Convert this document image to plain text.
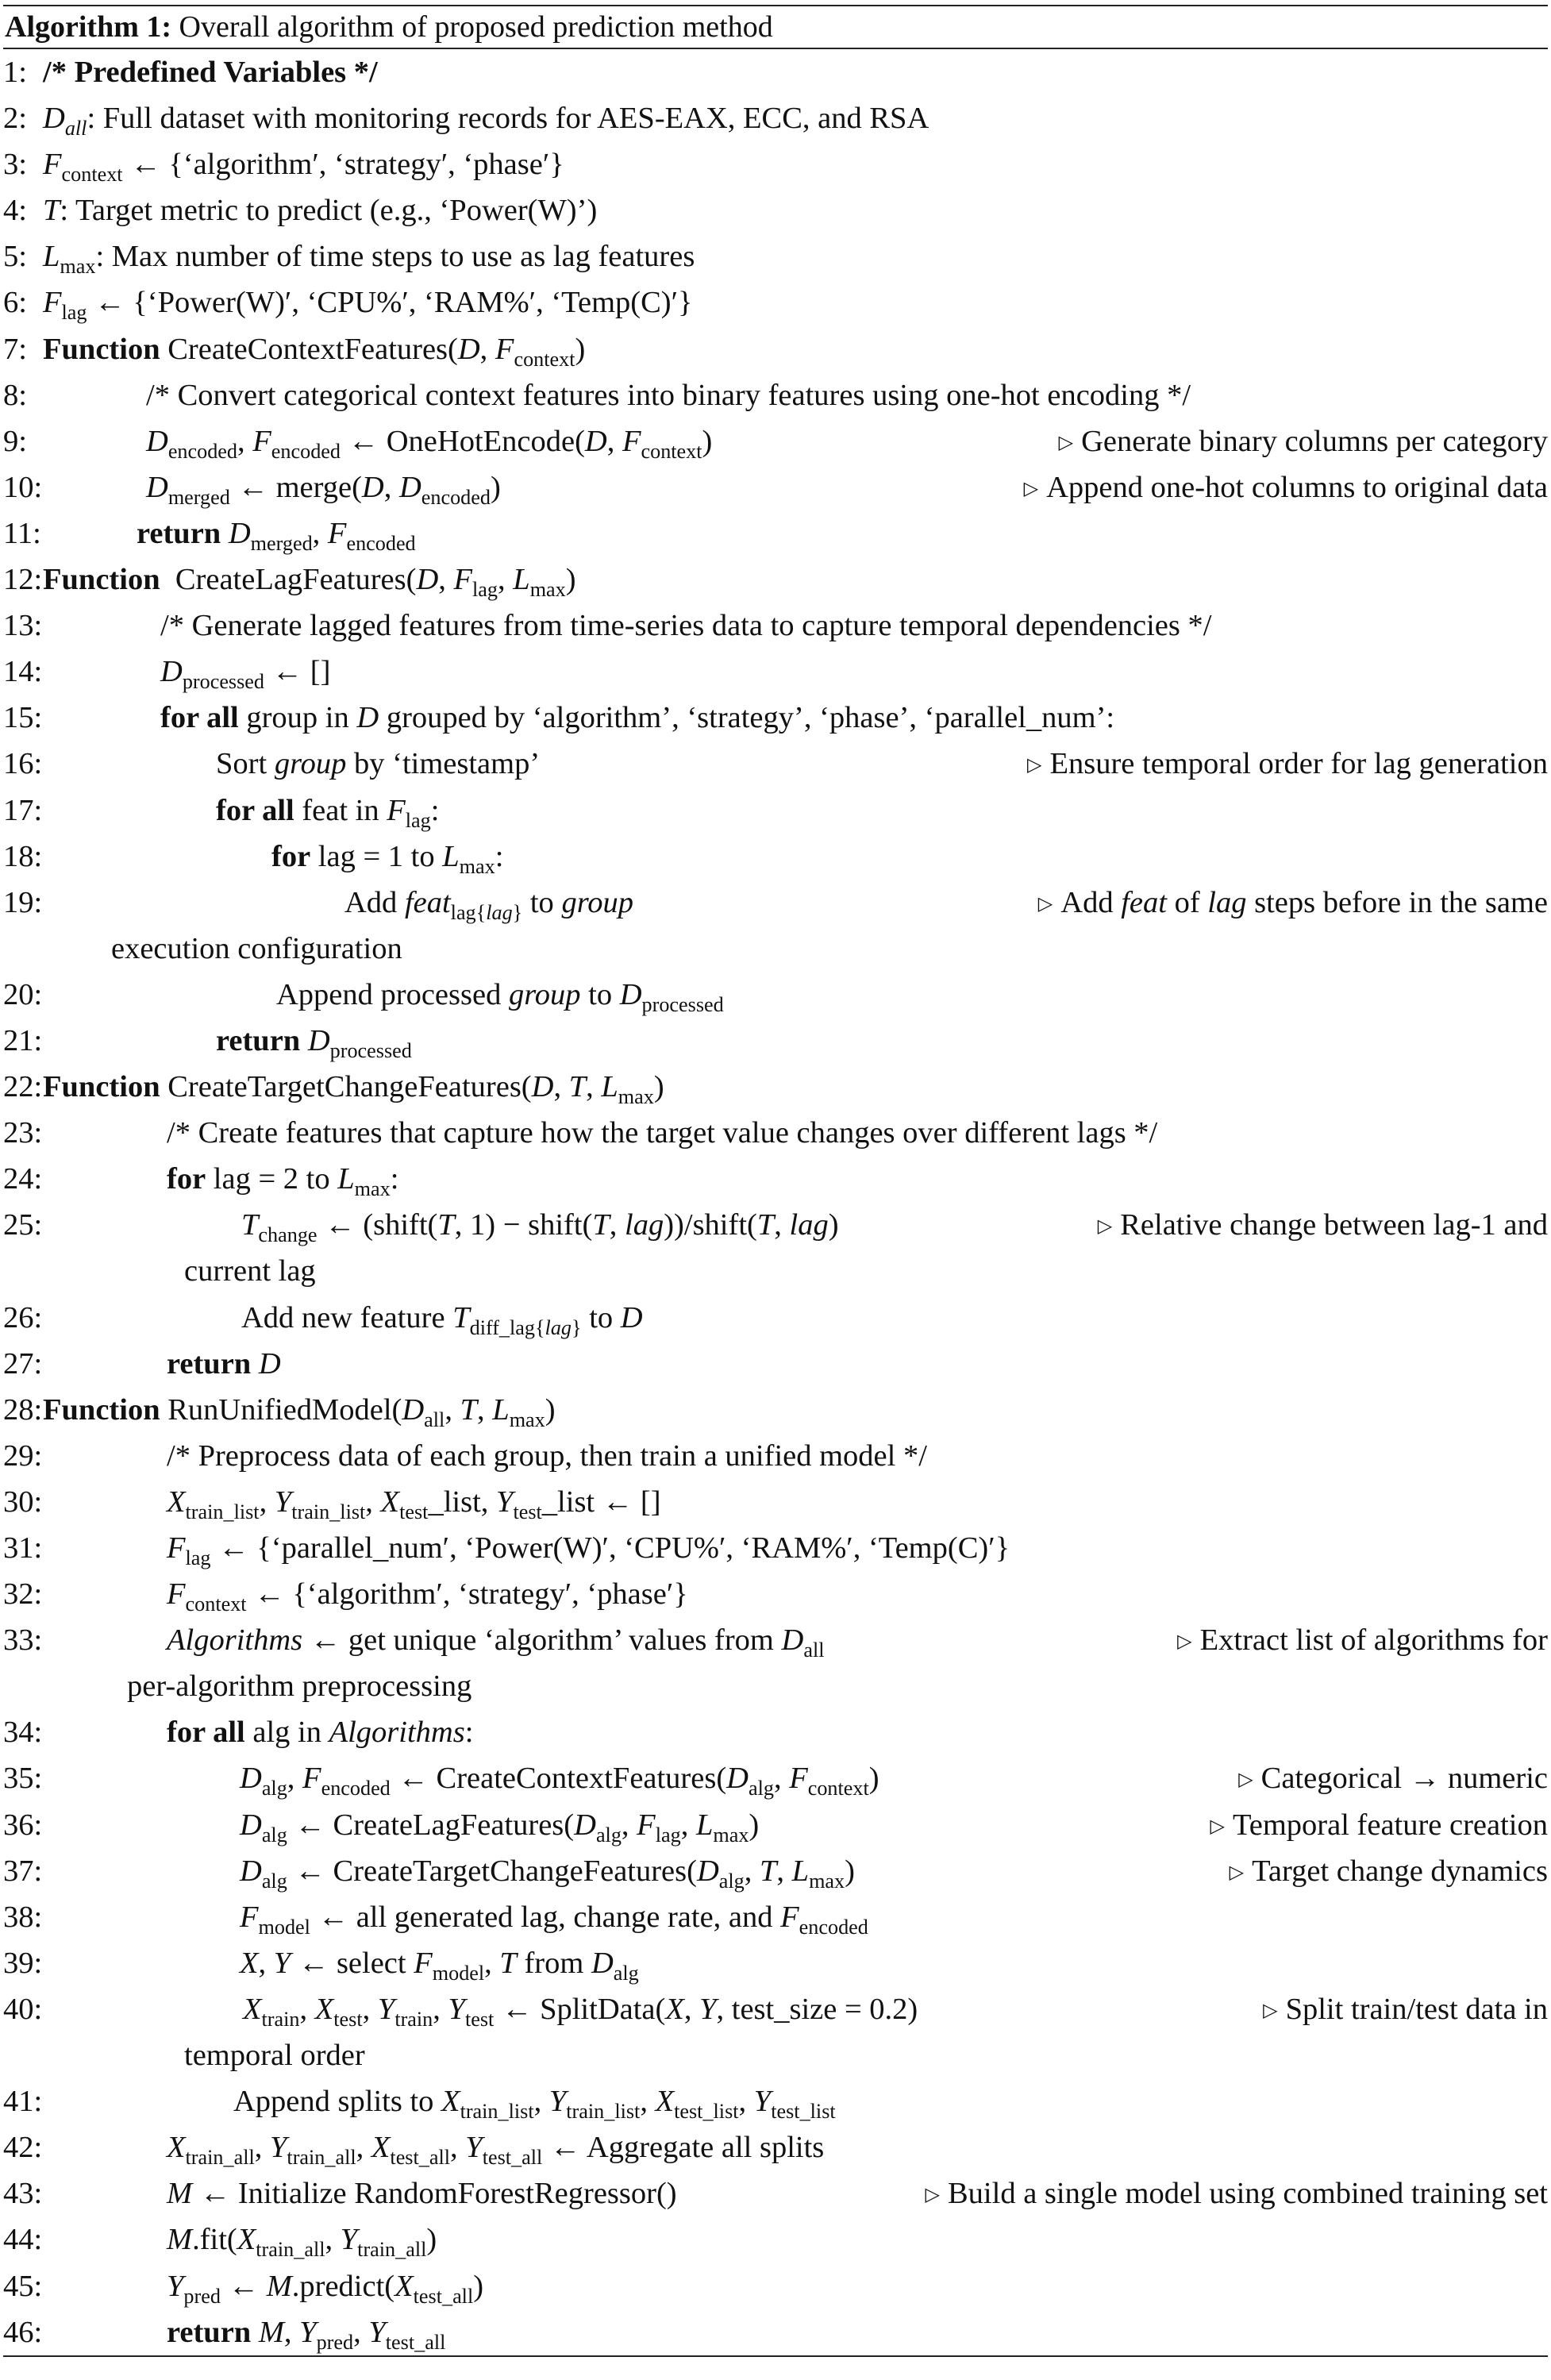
Algorithm 1: Overall algorithm of proposed prediction method
1: /* Predefined Variables */
2: $D_{all}$: Full dataset with monitoring records for AES-EAX, ECC, and RSA
3: $F_{context}$ ← {‘algorithm′, ‘strategy′, ‘phase′}
4: T: Target metric to predict (e.g., ‘Power(W)’)
5: $L_{max}$: Max number of time steps to use as lag features
6: $F_{lag}$ ← {‘Power(W)′, ‘CPU%′, ‘RAM%′, ‘Temp(C)′}
7: Function CreateContextFeatures(D, $F_{context}$)
8:	/* Convert categorical context features into binary features using one-hot encoding */
9:	$D_{encoded}$, $F_{encoded}$ ← OneHotEncode(D, $F_{context}$)	▷ Generate binary columns per category
10:	$D_{merged}$ ← merge(D, $D_{encoded}$)	▷ Append one-hot columns to original data
11:	return $D_{merged}$, $F_{encoded}$
12: Function  CreateLagFeatures(D, $F_{lag}$, $L_{max}$)
13:	/* Generate lagged features from time-series data to capture temporal dependencies */
14:	$D_{processed}$ ← []
15:	for all group in D grouped by ‘algorithm’, ‘strategy’, ‘phase’, ‘parallel_num’:
16:	Sort group by ‘timestamp’	▷ Ensure temporal order for lag generation
17:	for all feat in $F_{lag}$:
18:	for lag = 1 to $L_{max}$:
19:	Add feat$_{lag\{lag\}}$ to group	▷ Add feat of lag steps before in the same
execution configuration
20:	Append processed group to $D_{processed}$
21:	return $D_{processed}$
22: Function CreateTargetChangeFeatures(D, T, $L_{max}$)
23:	/* Create features that capture how the target value changes over different lags */
24:	for lag = 2 to $L_{max}$:
25:	$T_{change}$ ← (shift(T, 1) − shift(T, lag))/shift(T, lag)	▷ Relative change between lag-1 and
current lag
26:	Add new feature $T_{diff\_lag\{lag\}}$ to D
27:	return D
28: Function $RunUnifiedModel(D_{all}$, T, $L_{max}$)
29:	/* Preprocess data of each group, then train a unified model */
30:	$X_{train\_list}$, $Y_{train\_list}$, $X_{test}\_list$, $Y_{test}\_list$ ← []
31:	$F_{lag}$ ← {‘parallel_num′, ‘Power(W)′, ‘CPU%′, ‘RAM%′, ‘Temp(C)′}
32:	$F_{context}$ ← {‘algorithm′, ‘strategy′, ‘phase′}
33:	Algorithms ← get unique ‘algorithm’ values from $D_{all}$	▷ Extract list of algorithms for
per-algorithm preprocessing
34:	for all alg in Algorithms:
35:	$D_{alg}$, $F_{encoded}$ ← $CreateContextFeatures(D_{alg}$, $F_{context}$)	▷ Categorical → numeric
36:	$D_{alg}$ ← $CreateLagFeatures(D_{alg}$, $F_{lag}$, $L_{max}$)	▷ Temporal feature creation
37:	$D_{alg}$ ← $CreateTargetChangeFeatures(D_{alg}$, T, $L_{max}$)	▷ Target change dynamics
38:	$F_{model}$ ← all generated lag, change rate, and $F_{encoded}$
39:	X, Y ← select $F_{model}$, T from $D_{alg}$
40:	$X_{train}$, $X_{test}$, $Y_{train}$, $Y_{test}$ ← SplitData(X, Y, test_size = 0.2)	▷ Split train/test data in
temporal order
41:	Append splits to $X_{train\_list}$, $Y_{train\_list}$, $X_{test\_list}$, $Y_{test\_list}$
42:	$X_{train\_all}$, $Y_{train\_all}$, $X_{test\_all}$, $Y_{test\_all}$ ← Aggregate all splits
43:	M ← Initialize RandomForestRegressor()	▷ Build a single model using combined training set
44:	$M.fit(X_{train\_all}$, $Y_{train\_all}$)
45:	$Y_{pred}$ ← $M.predict(X_{test\_all})$
46:	return M, $Y_{pred}$, $Y_{test\_all}$
